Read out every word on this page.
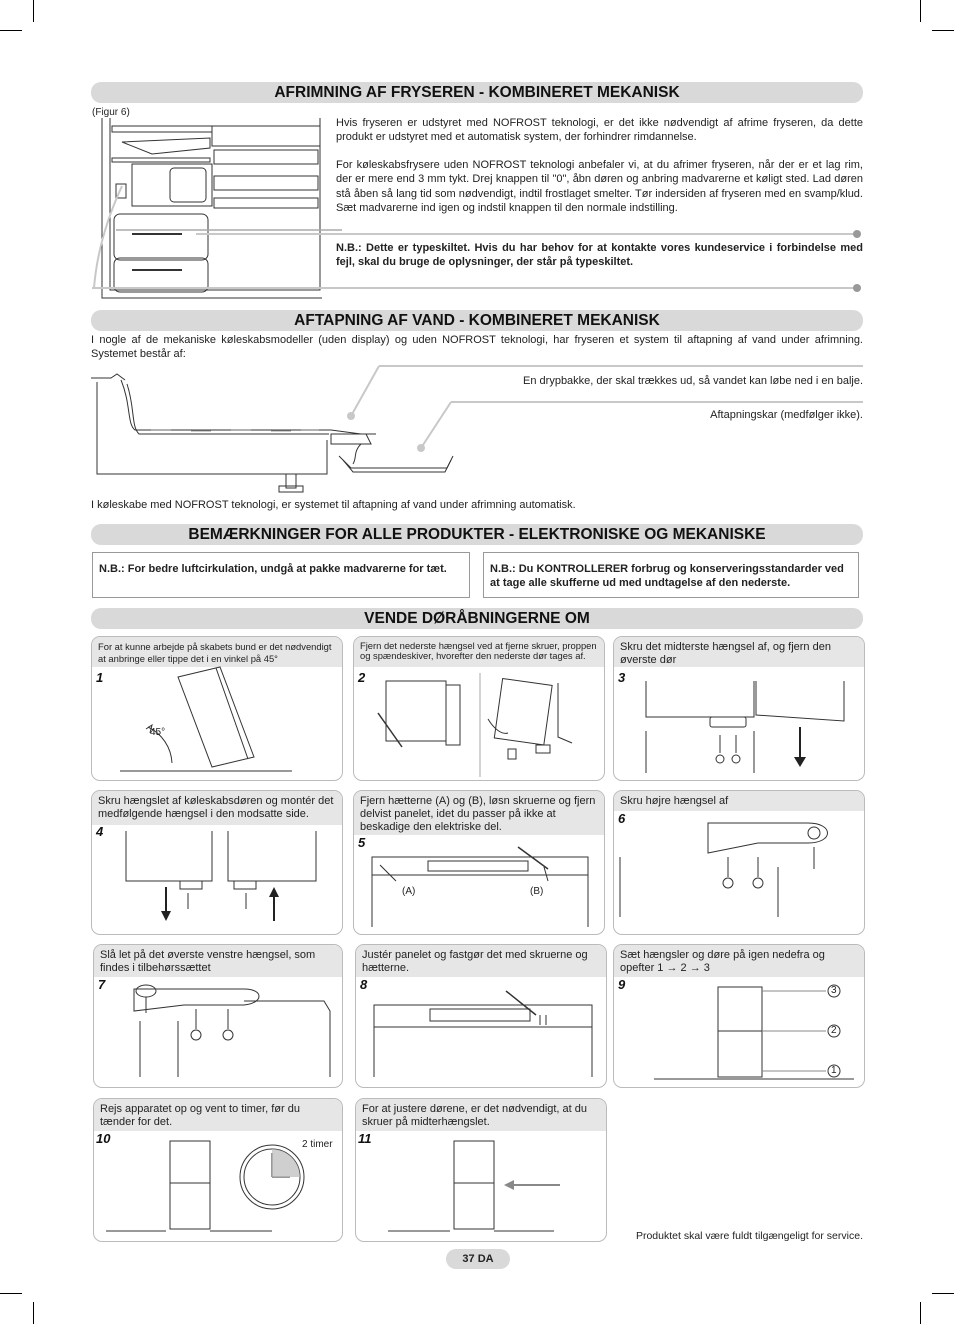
AFRIMNING AF FRYSEREN - KOMBINERET MEKANISK
(Figur 6)
Hvis fryseren er udstyret med NOFROST teknologi, er det ikke nødvendigt af afrime fryseren, da dette produkt er udstyret med et automatisk system, der forhindrer rimdannelse.
For køleskabsfrysere uden NOFROST teknologi anbefaler vi, at du afrimer fryseren, når der er et lag rim, der er mere end 3 mm tykt. Drej knappen til "0", åbn døren og anbring madvarerne et køligt sted. Lad døren stå åben så lang tid som nødvendigt, indtil frostlaget smelter. Tør indersiden af fryseren med en svamp/klud. Sæt madvarerne ind igen og indstil knappen til den normale indstilling.
N.B.: Dette er typeskiltet. Hvis du har behov for at kontakte vores kundeservice i forbindelse med fejl, skal du bruge de oplysninger, der står på typeskiltet.
AFTAPNING AF VAND - KOMBINERET MEKANISK
I nogle af de mekaniske køleskabsmodeller (uden display) og uden NOFROST teknologi, har fryseren et system til aftapning af vand under afrimning. Systemet består af:
En drypbakke, der skal trækkes ud, så vandet kan løbe ned i en balje.
Aftapningskar (medfølger ikke).
I køleskabe med NOFROST teknologi, er systemet til aftapning af vand under afrimning automatisk.
BEMÆRKNINGER FOR ALLE PRODUKTER - ELEKTRONISKE OG MEKANISKE
N.B.: For bedre luftcirkulation, undgå at pakke madvarerne for tæt.	N.B.: Du KONTROLLERER forbrug og konserveringsstandarder ved at tage alle skufferne ud med undtagelse af den nederste.
VENDE DØRÅBNINGERNE OM
For at kunne arbejde på skabets bund er det nødvendigt at anbringe eller tippe det i en vinkel på 45°
1
45°
Fjern det nederste hængsel ved at fjerne skruer, proppen og spændeskiver, hvorefter den nederste dør tages af.
2
Skru det midterste hængsel af, og fjern den øverste dør
3
Skru hængslet af køleskabsdøren og montér det medfølgende hængsel i den modsatte side.
4
Fjern hætterne (A) og (B), løsn skruerne og fjern delvist panelet, idet du passer på ikke at beskadige den elektriske del.
5
(A)	(B)
Skru højre hængsel af
6
Slå let på det øverste venstre hængsel, som findes i tilbehørssættet
7
Justér panelet og fastgør det med skruerne og hætterne.
8
Sæt hængsler og døre på igen nedefra og opefter 1 → 2 → 3
9	3
2
1
Rejs apparatet op og vent to timer, før du tænder for det.
10	2 timer
For at justere dørene, er det nødvendigt, at du skruer på midterhængslet.
11
Produktet skal være fuldt tilgængeligt for service.
37 DA
